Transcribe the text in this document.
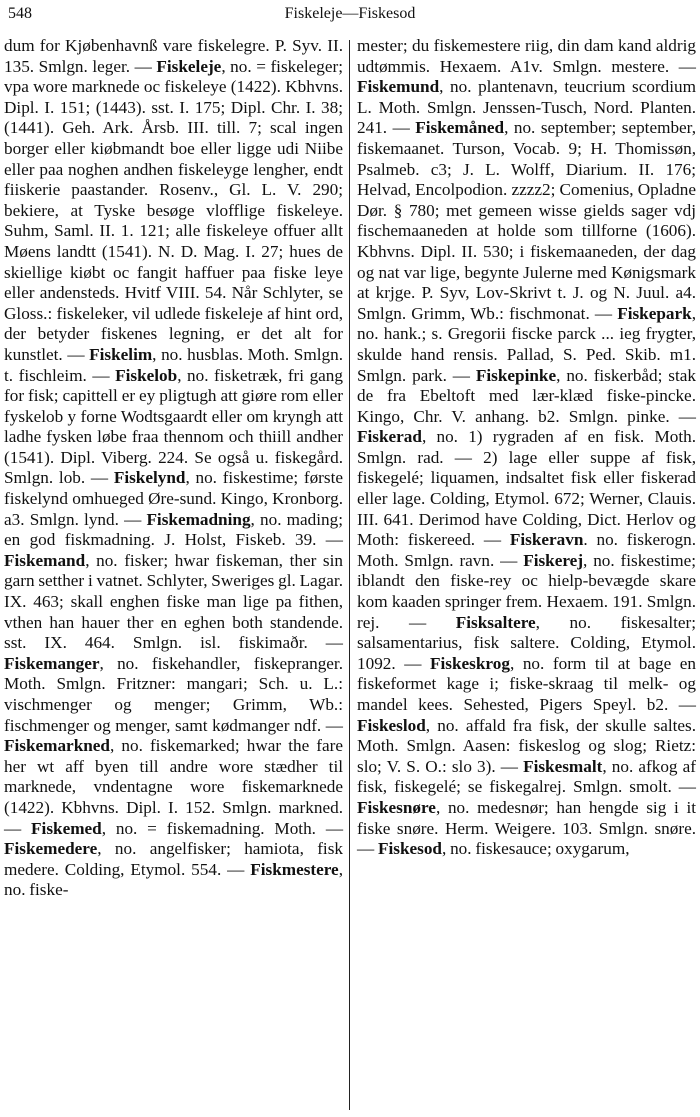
548	Fiskeleje—Fiskesod
dum for Kjøbenhavnß vare fiskelegre. P. Syv. II. 135. Smlgn. leger. — Fiskeleje, no. = fiskeleger; vpa wore marknede oc fiskeleye (1422). Kbhvns. Dipl. I. 151; (1443). sst. I. 175; Dipl. Chr. I. 38; (1441). Geh. Ark. Årsb. III. till. 7; scal ingen borger eller kiøbmandt boe eller ligge udi Niibe eller paa noghen andhen fiskeleyge lengher, endt fiiskerie paastander. Rosenv., Gl. L. V. 290; bekiere, at Tyske besøge vlofflige fiskeleye. Suhm, Saml. II. 1. 121; alle fiskeleye offuer allt Møens landtt (1541). N. D. Mag. I. 27; hues de skiellige kiøbt oc fangit haffuer paa fiske leye eller andensteds. Hvitf VIII. 54. Når Schlyter, se Gloss.: fiskeleker, vil udlede fiskeleje af hint ord, der betyder fiskenes legning, er det alt for kunstlet. — Fiskelim, no. husblas. Moth. Smlgn. t. fischleim. — Fiskelob, no. fisketræk, fri gang for fisk; capittell er ey pligtugh att giøre rom eller fyskelob y forne Wodtsgaardt eller om kryngh att ladhe fysken løbe fraa thennom och thiill andher (1541). Dipl. Viberg. 224. Se også u. fiskegård. Smlgn. lob. — Fiskelynd, no. fiskestime; første fiskelynd omhueged Øre-sund. Kingo, Kronborg. a3. Smlgn. lynd. — Fiskemadning, no. mading; en god fiskmadning. J. Holst, Fiskeb. 39. — Fiskemand, no. fisker; hwar fiskeman, ther sin garn setther i vatnet. Schlyter, Sweriges gl. Lagar. IX. 463; skall enghen fiske man lige pa fithen, vthen han hauer ther en eghen both standende. sst. IX. 464. Smlgn. isl. fiskimaðr. — Fiskemanger, no. fiskehandler, fiskepranger. Moth. Smlgn. Fritzner: mangari; Sch. u. L.: vischmenger og menger; Grimm, Wb.: fischmenger og menger, samt kødmanger ndf. — Fiskemarkned, no. fiskemarked; hwar the fare her wt aff byen till andre wore stædher til marknede, vndentagne wore fiskemarknede (1422). Kbhvns. Dipl. I. 152. Smlgn. markned. — Fiskemed, no. = fiskemadning. Moth. — Fiskemedere, no. angelfisker; hamiota, fisk medere. Colding, Etymol. 554. — Fiskmestere, no. fiske-
mester; du fiskemestere riig, din dam kand aldrig udtømmis. Hexaem. A1v. Smlgn. mestere. — Fiskemund, no. plantenavn, teucrium scordium L. Moth. Smlgn. Jenssen-Tusch, Nord. Planten. 241. — Fiskemåned, no. september; september, fiskemaanet. Turson, Vocab. 9; H. Thomissøn, Psalmeb. c3; J. L. Wolff, Diarium. II. 176; Helvad, Encolpodion. zzzz2; Comenius, Opladne Dør. § 780; met gemeen wisse gields sager vdj fischemaaneden at holde som tillforne (1606). Kbhvns. Dipl. II. 530; i fiskemaaneden, der dag og nat var lige, begynte Julerne med Kønigsmark at krjge. P. Syv, Lov-Skrivt t. J. og N. Juul. a4. Smlgn. Grimm, Wb.: fischmonat. — Fiskepark, no. hank.; s. Gregorii fiscke parck ... ieg frygter, skulde hand rensis. Pallad, S. Ped. Skib. m1. Smlgn. park. — Fiskepinke, no. fiskerbåd; stak de fra Ebeltoft med lær-klæd fiske-pincke. Kingo, Chr. V. anhang. b2. Smlgn. pinke. — Fiskerad, no. 1) rygraden af en fisk. Moth. Smlgn. rad. — 2) lage eller suppe af fisk, fiskegelé; liquamen, indsaltet fisk eller fiskerad eller lage. Colding, Etymol. 672; Werner, Clauis. III. 641. Derimod have Colding, Dict. Herlov og Moth: fiskereed. — Fiskeravn. no. fiskerogn. Moth. Smlgn. ravn. — Fiskerej, no. fiskestime; iblandt den fiske-rey oc hielp-bevægde skare kom kaaden springer frem. Hexaem. 191. Smlgn. rej. — Fisksaltere, no. fiskesalter; salsamentarius, fisk saltere. Colding, Etymol. 1092. — Fiskeskrog, no. form til at bage en fiskeformet kage i; fiske-skraag til melk- og mandel kees. Sehested, Pigers Speyl. b2. — Fiskeslod, no. affald fra fisk, der skulle saltes. Moth. Smlgn. Aasen: fiskeslog og slog; Rietz: slo; V. S. O.: slo 3). — Fiskesmalt, no. afkog af fisk, fiskegelé; se fiskegalrej. Smlgn. smolt. — Fiskesnøre, no. medesnør; han hengde sig i it fiske snøre. Herm. Weigere. 103. Smlgn. snøre. — Fiskesod, no. fiskesauce; oxygarum,
